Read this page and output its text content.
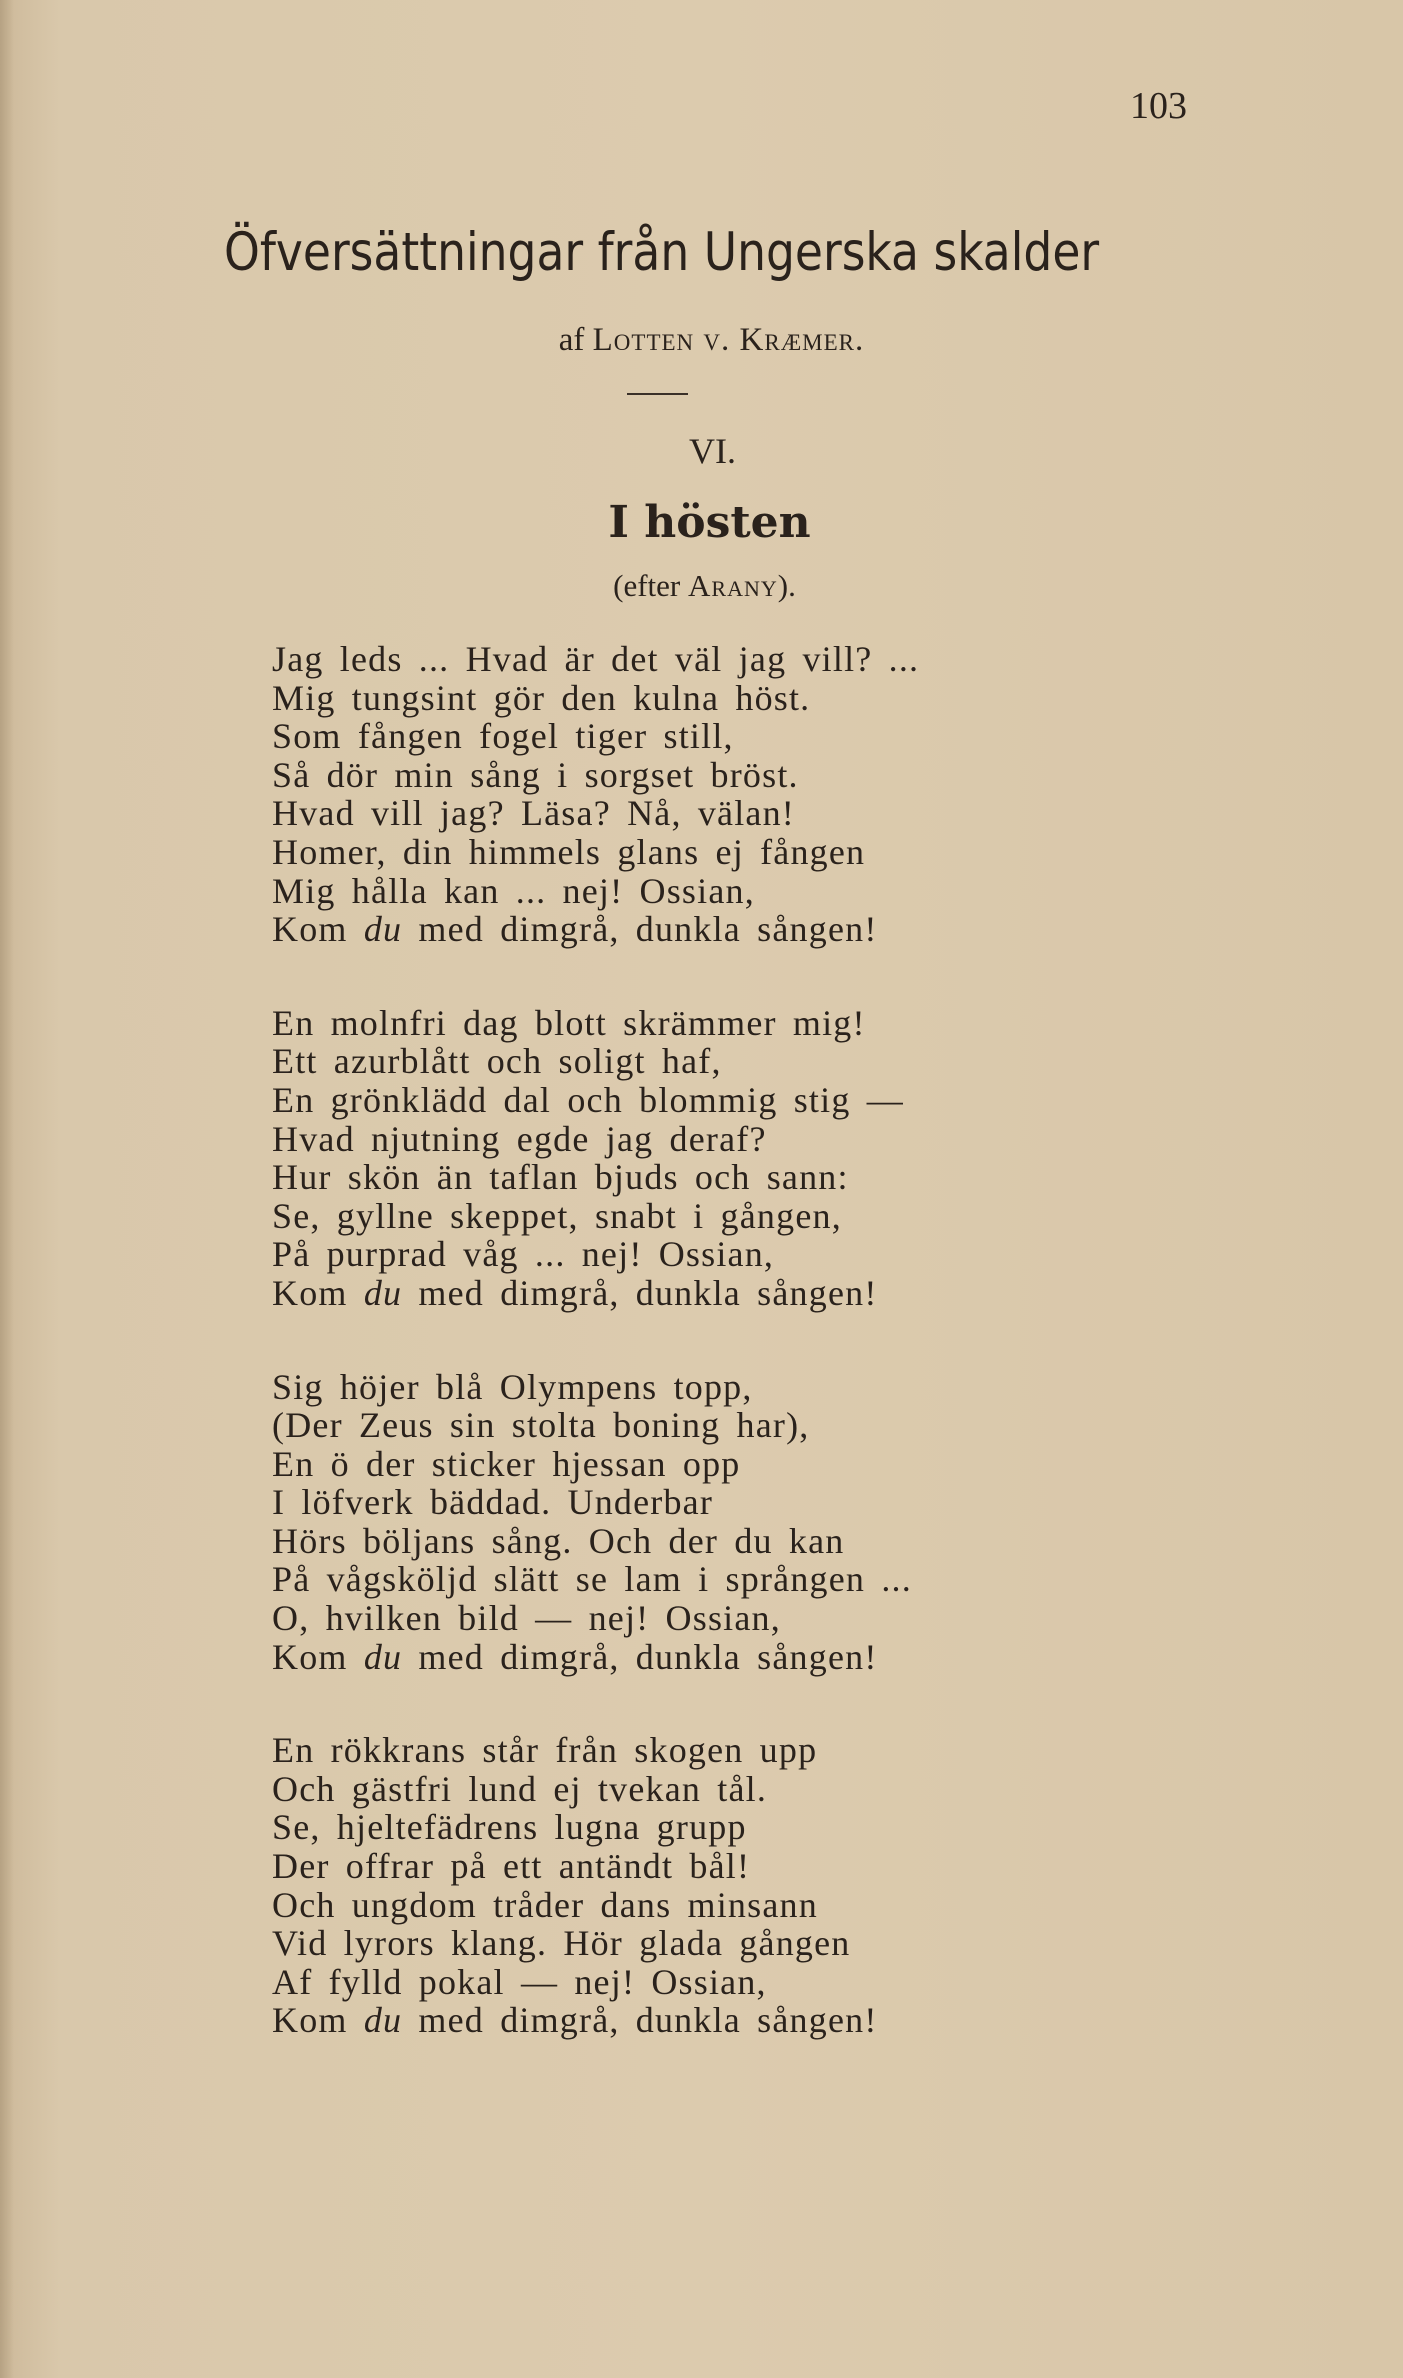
103
Öfversättningar från Ungerska skalder
af Lotten v. Kræmer.
VI.
I hösten
(efter Arany).
Jag leds ... Hvad är det väl jag vill? ...
Mig tungsint gör den kulna höst.
Som fången fogel tiger still,
Så dör min sång i sorgset bröst.
Hvad vill jag? Läsa? Nå, välan!
Homer, din himmels glans ej fången
Mig hålla kan ... nej! Ossian,
Kom du med dimgrå, dunkla sången!
En molnfri dag blott skrämmer mig!
Ett azurblått och soligt haf,
En grönklädd dal och blommig stig —
Hvad njutning egde jag deraf?
Hur skön än taflan bjuds och sann:
Se, gyllne skeppet, snabt i gången,
På purprad våg ... nej! Ossian,
Kom du med dimgrå, dunkla sången!
Sig höjer blå Olympens topp,
(Der Zeus sin stolta boning har),
En ö der sticker hjessan opp
I löfverk bäddad. Underbar
Hörs böljans sång. Och der du kan
På vågsköljd slätt se lam i sprången ...
O, hvilken bild — nej! Ossian,
Kom du med dimgrå, dunkla sången!
En rökkrans står från skogen upp
Och gästfri lund ej tvekan tål.
Se, hjeltefädrens lugna grupp
Der offrar på ett antändt bål!
Och ungdom tråder dans minsann
Vid lyrors klang. Hör glada gången
Af fylld pokal — nej! Ossian,
Kom du med dimgrå, dunkla sången!
